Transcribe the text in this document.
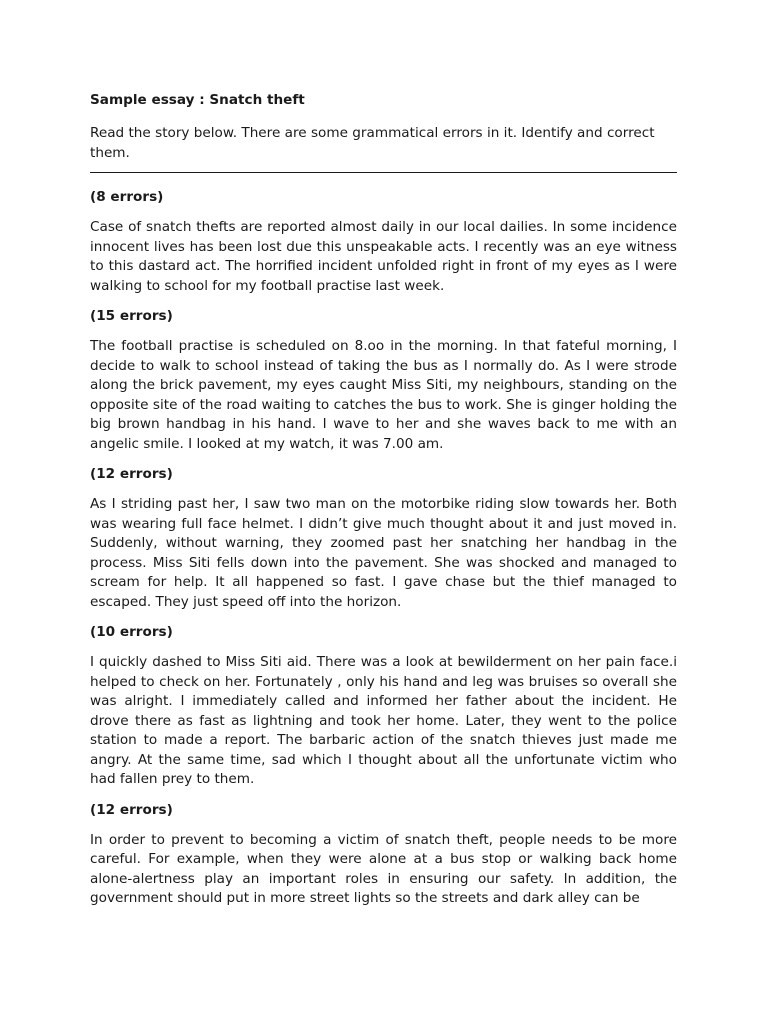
Sample essay : Snatch theft
Read the story below. There are some grammatical errors in it. Identify and correct them.
(8 errors)
Case of snatch thefts are reported almost daily in our local dailies. In some incidence innocent lives has been lost due this unspeakable acts. I recently was an eye witness to this dastard act. The horrified incident unfolded right in front of my eyes as I were walking to school for my football practise last week.
(15 errors)
The football practise is scheduled on 8.oo in the morning. In that fateful morning, I decide to walk to school instead of taking the bus as I normally do. As I were strode along the brick pavement, my eyes caught Miss Siti, my neighbours, standing on the opposite site of the road waiting to catches the bus to work. She is ginger holding the big brown handbag in his hand. I wave to her and she waves back to me with an angelic smile. I looked at my watch, it was 7.00 am.
(12 errors)
As I striding past her, I saw two man on the motorbike riding slow towards her. Both was wearing full face helmet. I didn’t give much thought about it and just moved in. Suddenly, without warning, they zoomed past her snatching her handbag in the process. Miss Siti fells down into the pavement. She was shocked and managed to scream for help. It all happened so fast. I gave chase but the thief managed to escaped. They just speed off into the horizon.
(10 errors)
I quickly dashed to Miss Siti aid. There was a look at bewilderment on her pain face.i helped to check on her. Fortunately , only his hand and leg was bruises so overall she was alright. I immediately called and informed her father about the incident. He drove there as fast as lightning and took her home. Later, they went to the police station to made a report. The barbaric action of the snatch thieves just made me angry. At the same time, sad which I thought about all the unfortunate victim who had fallen prey to them.
(12 errors)
In order to prevent to becoming a victim of snatch theft, people needs to be more careful. For example, when they were alone at a bus stop or walking back home alone-alertness play an important roles in ensuring our safety. In addition, the government should put in more street lights so the streets and dark alley can be
